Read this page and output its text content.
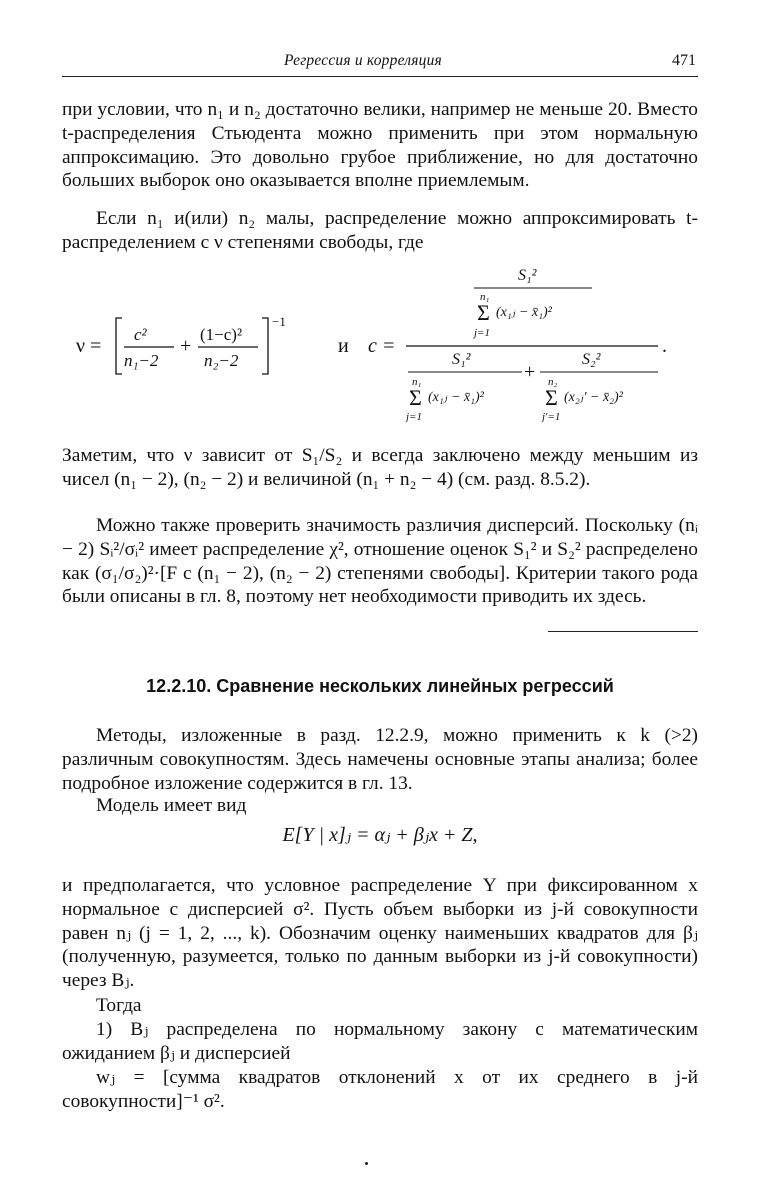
Регрессия и корреляция	471

при условии, что n₁ и n₂ достаточно велики, например не меньше 20. Вместо t-распределения Стьюдента можно применить при этом нормальную аппроксимацию. Это довольно грубое приближение, но для достаточно больших выборок оно оказывается вполне приемлемым.

Если n₁ и(или) n₂ малы, распределение можно аппроксимировать t-распределением с ν степенями свободы, где

ν =
c²
n₁−2
+
(1−c)²
n₂−2
−1
и c =	.
S₁²
n₁
Σ (x₁ⱼ − x̄₁)²
j=1
S₁²
n₁
Σ (x₁ⱼ − x̄₁)²
j=1
+
S₂²
n₂
Σ (x₂ⱼ′ − x̄₂)²
j′=1

Заметим, что ν зависит от S₁/S₂ и всегда заключено между меньшим из чисел (n₁ − 2), (n₂ − 2) и величиной (n₁ + n₂ − 4) (см. разд. 8.5.2).

Можно также проверить значимость различия дисперсий. Поскольку (nᵢ − 2) Sᵢ²/σᵢ² имеет распределение χ², отношение оценок S₁² и S₂² распределено как (σ₁/σ₂)²·[F с (n₁ − 2), (n₂ − 2) степенями свободы]. Критерии такого рода были описаны в гл. 8, поэтому нет необходимости приводить их здесь.

12.2.10. Сравнение нескольких линейных регрессий

Методы, изложенные в разд. 12.2.9, можно применить к k (>2) различным совокупностям. Здесь намечены основные этапы анализа; более подробное изложение содержится в гл. 13.

Модель имеет вид

E[Y | x]ⱼ = αⱼ + βⱼx + Z,

и предполагается, что условное распределение Y при фиксированном x нормальное с дисперсией σ². Пусть объем выборки из j-й совокупности равен nⱼ (j = 1, 2, ..., k). Обозначим оценку наименьших квадратов для βⱼ (полученную, разумеется, только по данным выборки из j-й совокупности) через Bⱼ.

Тогда

1) Bⱼ распределена по нормальному закону с математическим ожиданием βⱼ и дисперсией

wⱼ = [сумма квадратов отклонений x от их среднего в j-й совокупности]⁻¹ σ².
